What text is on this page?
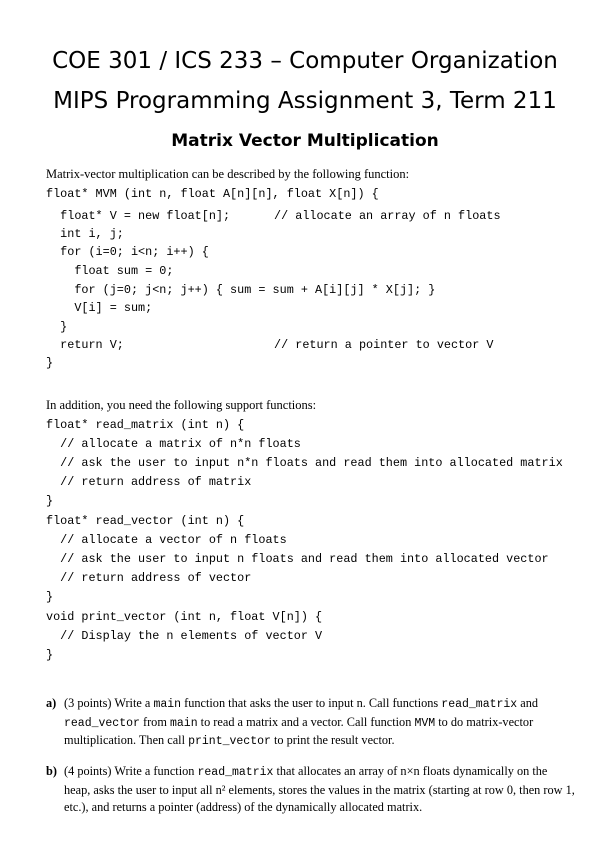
COE 301 / ICS 233 – Computer Organization
MIPS Programming Assignment 3, Term 211
Matrix Vector Multiplication
Matrix-vector multiplication can be described by the following function:

float* MVM (int n, float A[n][n], float X[n]) {

float* V = new float[n];

	// allocate an array of n floats

int i, j;

for (i=0; i<n; i++) {

float sum = 0;

for (j=0; j<n; j++) { sum = sum + A[i][j] * X[j]; }

V[i] = sum;

}

return V;

	// return a pointer to vector V

}

In addition, you need the following support functions:

float* read_matrix (int n) {

// allocate a matrix of n*n floats

// ask the user to input n*n floats and read them into allocated matrix

// return address of matrix

}

float* read_vector (int n) {

// allocate a vector of n floats

// ask the user to input n floats and read them into allocated vector

// return address of vector

}

void print_vector (int n, float V[n]) {

// Display the n elements of vector V

}

a) (3 points) Write a main function that asks the user to input n. Call functions read_matrix and read_vector from main to read a matrix and a vector. Call function MVM to do matrix-vector multiplication. Then call print_vector to print the result vector.
b) (4 points) Write a function read_matrix that allocates an array of n×n floats dynamically on the heap, asks the user to input all n² elements, stores the values in the matrix (starting at row 0, then row 1, etc.), and returns a pointer (address) of the dynamically allocated matrix.
